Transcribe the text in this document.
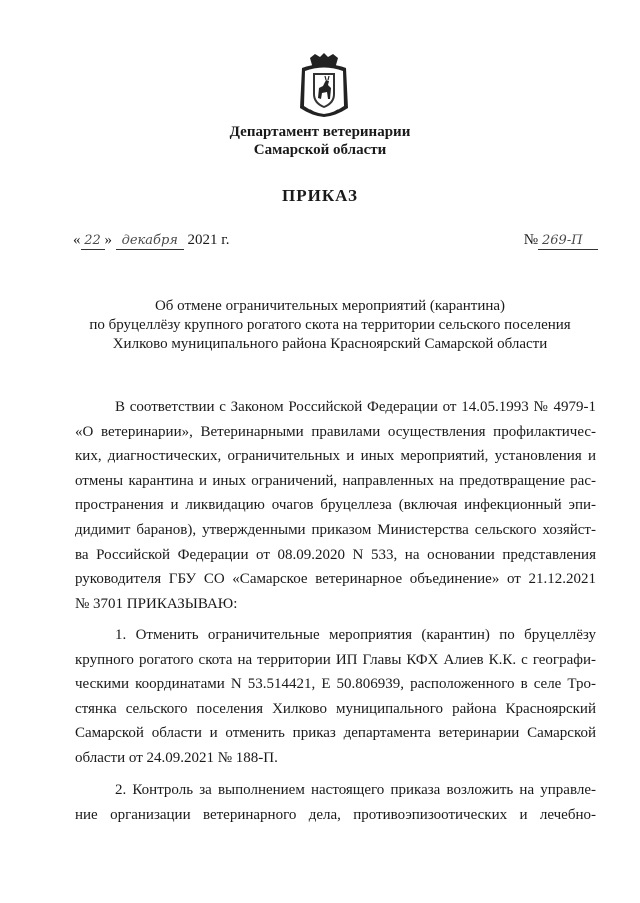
Департамент ветеринарии
Самарской области
ПРИКАЗ
« 22 » декабря 2021 г.	№ 269-П
Об отмене ограничительных мероприятий (карантина)
по бруцеллёзу крупного рогатого скота на территории сельского поселения
Хилково муниципального района Красноярский Самарской области
В соответствии с Законом Российской Федерации от 14.05.1993 № 4979-1
«О ветеринарии», Ветеринарными правилами осуществления профилактичес-
ких, диагностических, ограничительных и иных мероприятий, установления и
отмены карантина и иных ограничений, направленных на предотвращение рас-
пространения и ликвидацию очагов бруцеллеза (включая инфекционный эпи-
дидимит баранов), утвержденными приказом Министерства сельского хозяйст-
ва Российской Федерации от 08.09.2020 N 533, на основании представления
руководителя ГБУ СО «Самарское ветеринарное объединение» от 21.12.2021
№ 3701 ПРИКАЗЫВАЮ:
1. Отменить ограничительные мероприятия (карантин) по бруцеллёзу
крупного рогатого скота на территории ИП Главы КФХ Алиев К.К. с географи-
ческими координатами N 53.514421, E 50.806939, расположенного в селе Тро-
стянка сельского поселения Хилково муниципального района Красноярский
Самарской области и отменить приказ департамента ветеринарии Самарской
области от 24.09.2021 № 188-П.
2. Контроль за выполнением настоящего приказа возложить на управле-
ние организации ветеринарного дела, противоэпизоотических и лечебно-
